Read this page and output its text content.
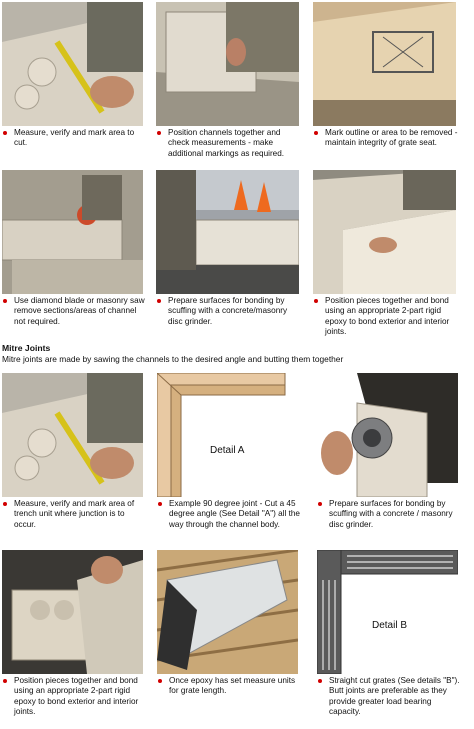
Measure, verify and mark area to cut.
Position channels together and check measurements - make additional markings as required.
Mark outline or area to be removed - maintain integrity of grate seat.
Use diamond blade or masonry saw remove sections/areas of channel not required.
Prepare surfaces for bonding by scuffing with a concrete/masonry disc grinder.
Position pieces together and bond using an appropriate 2-part rigid epoxy to bond exterior and interior joints.
Mitre Joints
Mitre joints are made by sawing the channels to the desired angle and butting them together
Measure, verify and mark area of trench unit where junction is to occur.
Detail A
Example 90 degree joint - Cut a 45 degree angle (See Detail "A") all the way through the channel body.
Prepare surfaces for bonding by scuffing with a concrete / masonry disc grinder.
Position pieces together and bond using an appropriate 2-part rigid epoxy to bond exterior and interior joints.
Once epoxy has set measure units for grate length.
Detail B
Straight cut grates (See details "B"). Butt joints are preferable as they provide greater load bearing capacity.
